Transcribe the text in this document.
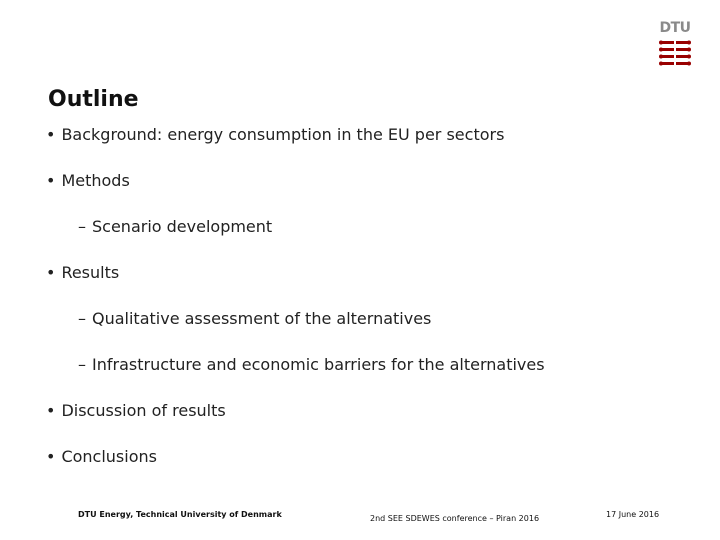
DTU
Outline
• Background: energy consumption in the EU per sectors
• Methods
– Scenario development
• Results
– Qualitative assessment of the alternatives
– Infrastructure and economic barriers for the alternatives
• Discussion of results
• Conclusions
DTU Energy, Technical University of Denmark	2nd SEE SDEWES conference – Piran 2016	17 June 2016
